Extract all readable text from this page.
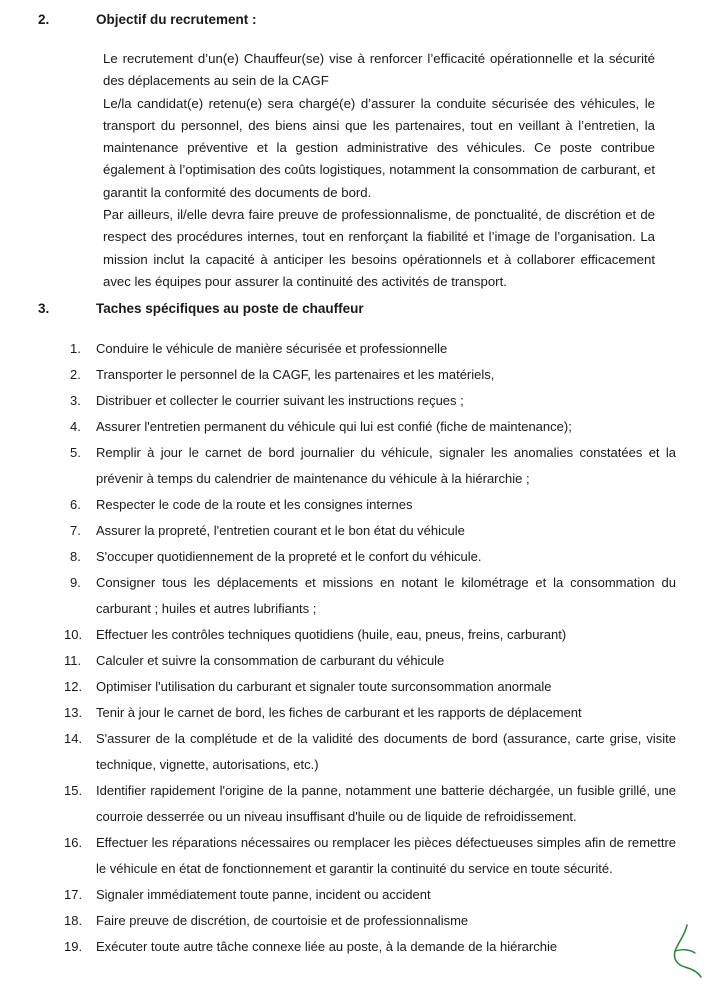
2.	Objectif du recrutement :

Le recrutement d’un(e) Chauffeur(se) vise à renforcer l’efficacité opérationnelle et la sécurité des déplacements au sein de la CAGF

Le/la candidat(e) retenu(e) sera chargé(e) d’assurer la conduite sécurisée des véhicules, le transport du personnel, des biens ainsi que les partenaires, tout en veillant à l’entretien, la maintenance préventive et la gestion administrative des véhicules. Ce poste contribue également à l’optimisation des coûts logistiques, notamment la consommation de carburant, et garantit la conformité des documents de bord.

Par ailleurs, il/elle devra faire preuve de professionnalisme, de ponctualité, de discrétion et de respect des procédures internes, tout en renforçant la fiabilité et l’image de l’organisation. La mission inclut la capacité à anticiper les besoins opérationnels et à collaborer efficacement avec les équipes pour assurer la continuité des activités de transport.

3.	Taches spécifiques au poste de chauffeur
1.	Conduire le véhicule de manière sécurisée et professionnelle
2.	Transporter le personnel de la CAGF, les partenaires et les matériels,
3.	Distribuer et collecter le courrier suivant les instructions reçues ;
4.	Assurer l'entretien permanent du véhicule qui lui est confié (fiche de maintenance);
5.	Remplir à jour le carnet de bord journalier du véhicule, signaler les anomalies constatées et la prévenir à temps du calendrier de maintenance du véhicule à la hiérarchie ;
6.	Respecter le code de la route et les consignes internes
7.	Assurer la propreté, l'entretien courant et le bon état du véhicule
8.	S'occuper quotidiennement de la propreté et le confort du véhicule.
9.	Consigner tous les déplacements et missions en notant le kilométrage et la consommation du carburant ; huiles et autres lubrifiants ;
10.	Effectuer les contrôles techniques quotidiens (huile, eau, pneus, freins, carburant)
11.	Calculer et suivre la consommation de carburant du véhicule
12.	Optimiser l'utilisation du carburant et signaler toute surconsommation anormale
13.	Tenir à jour le carnet de bord, les fiches de carburant et les rapports de déplacement
14.	S'assurer de la complétude et de la validité des documents de bord (assurance, carte grise, visite technique, vignette, autorisations, etc.)
15.	Identifier rapidement l'origine de la panne, notamment une batterie déchargée, un fusible grillé, une courroie desserrée ou un niveau insuffisant d'huile ou de liquide de refroidissement.
16.	Effectuer les réparations nécessaires ou remplacer les pièces défectueuses simples afin de remettre le véhicule en état de fonctionnement et garantir la continuité du service en toute sécurité.
17.	Signaler immédiatement toute panne, incident ou accident
18.	Faire preuve de discrétion, de courtoisie et de professionnalisme
19.	Exécuter toute autre tâche connexe liée au poste, à la demande de la hiérarchie
